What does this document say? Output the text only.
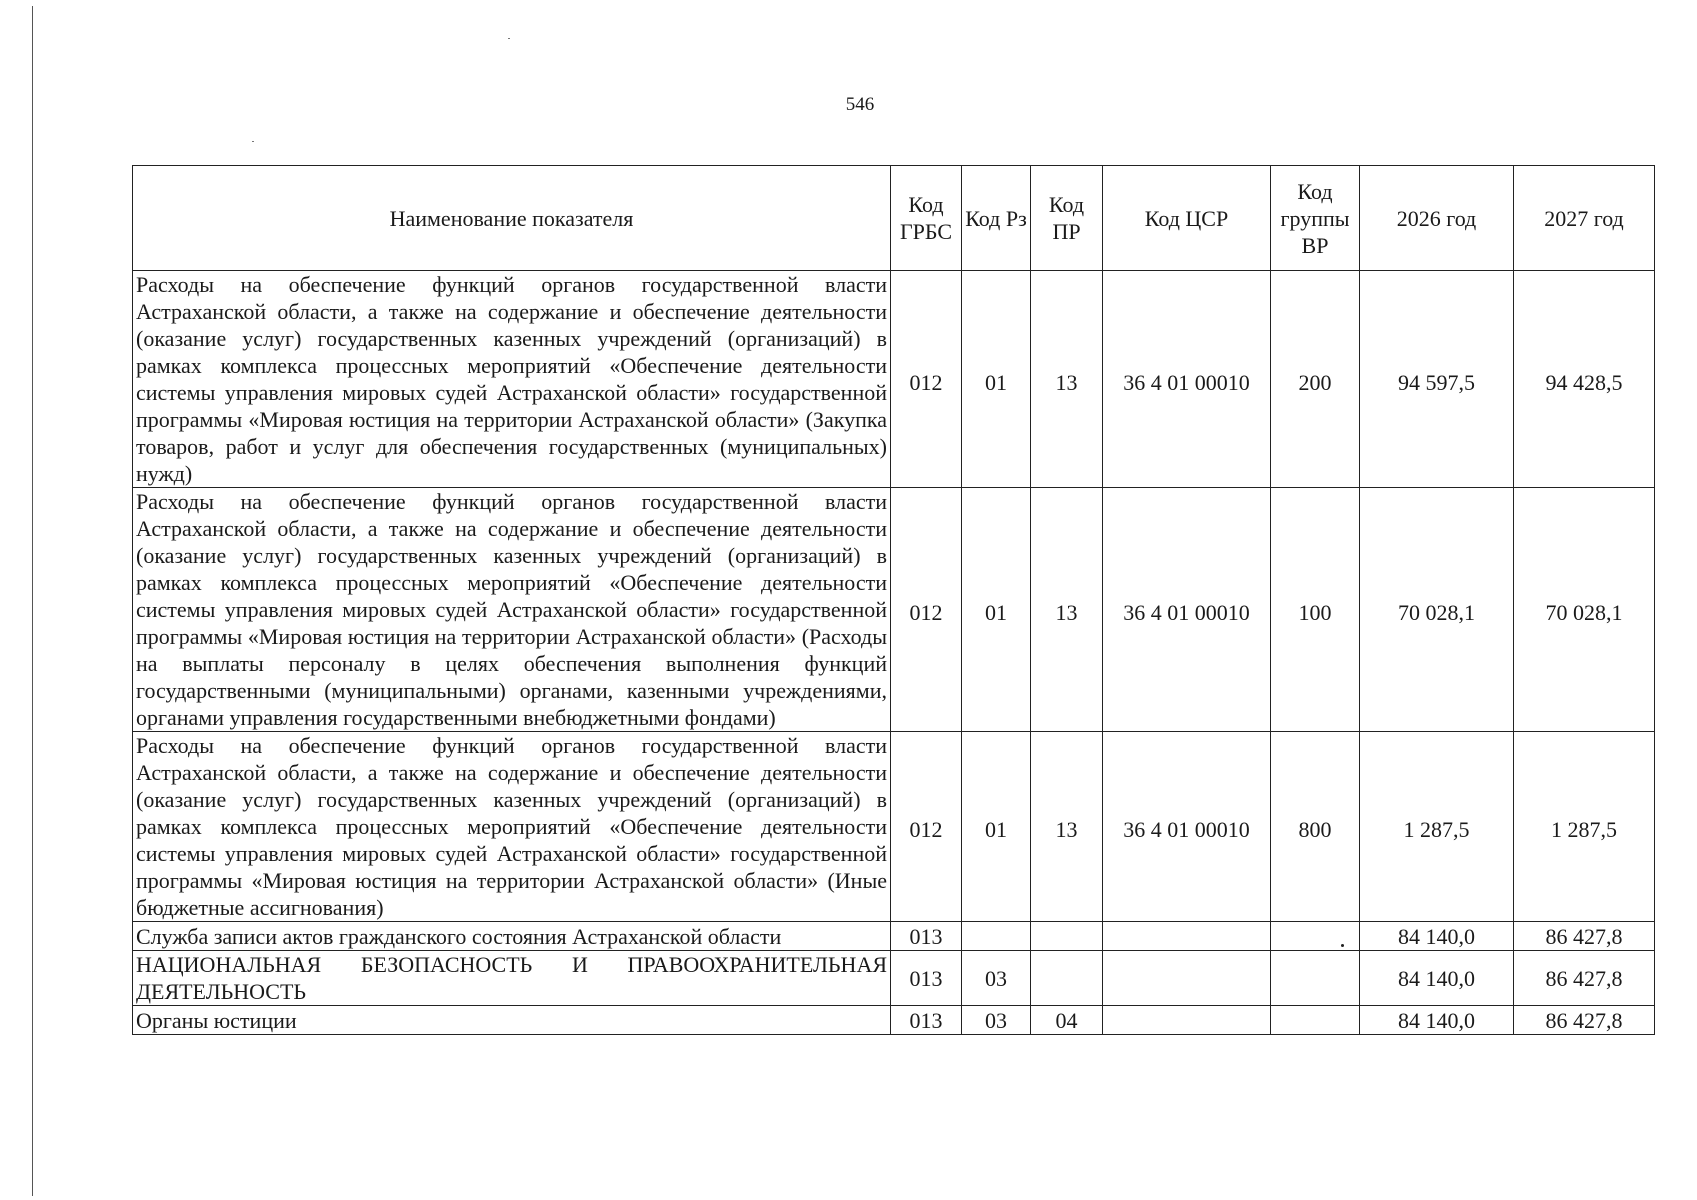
546
Наименование показателя	Код ГРБС	Код Рз	Код ПР	Код ЦСР	Код группы ВР	2026 год	2027 год
Расходы на обеспечение функций органов государственной власти Астраханской области, а также на содержание и обеспечение деятельности (оказание услуг) государственных казенных учреждений (организаций) в рамках комплекса процессных мероприятий «Обеспечение деятельности системы управления мировых судей Астраханской области» государственной программы «Мировая юстиция на территории Астраханской области» (Закупка товаров, работ и услуг для обеспечения государственных (муниципальных) нужд)	012	01	13	36 4 01 00010	200	94 597,5	94 428,5
Расходы на обеспечение функций органов государственной власти Астраханской области, а также на содержание и обеспечение деятельности (оказание услуг) государственных казенных учреждений (организаций) в рамках комплекса процессных мероприятий «Обеспечение деятельности системы управления мировых судей Астраханской области» государственной программы «Мировая юстиция на территории Астраханской области» (Расходы на выплаты персоналу в целях обеспечения выполнения функций государственными (муниципальными) органами, казенными учреждениями, органами управления государственными внебюджетными фондами)	012	01	13	36 4 01 00010	100	70 028,1	70 028,1
Расходы на обеспечение функций органов государственной власти Астраханской области, а также на содержание и обеспечение деятельности (оказание услуг) государственных казенных учреждений (организаций) в рамках комплекса процессных мероприятий «Обеспечение деятельности системы управления мировых судей Астраханской области» государственной программы «Мировая юстиция на территории Астраханской области» (Иные бюджетные ассигнования)	012	01	13	36 4 01 00010	800	1 287,5	1 287,5
Служба записи актов гражданского состояния Астраханской области	013					84 140,0	86 427,8
НАЦИОНАЛЬНАЯ БЕЗОПАСНОСТЬ И ПРАВООХРАНИТЕЛЬНАЯ ДЕЯТЕЛЬНОСТЬ	013	03				84 140,0	86 427,8
Органы юстиции	013	03	04			84 140,0	86 427,8
